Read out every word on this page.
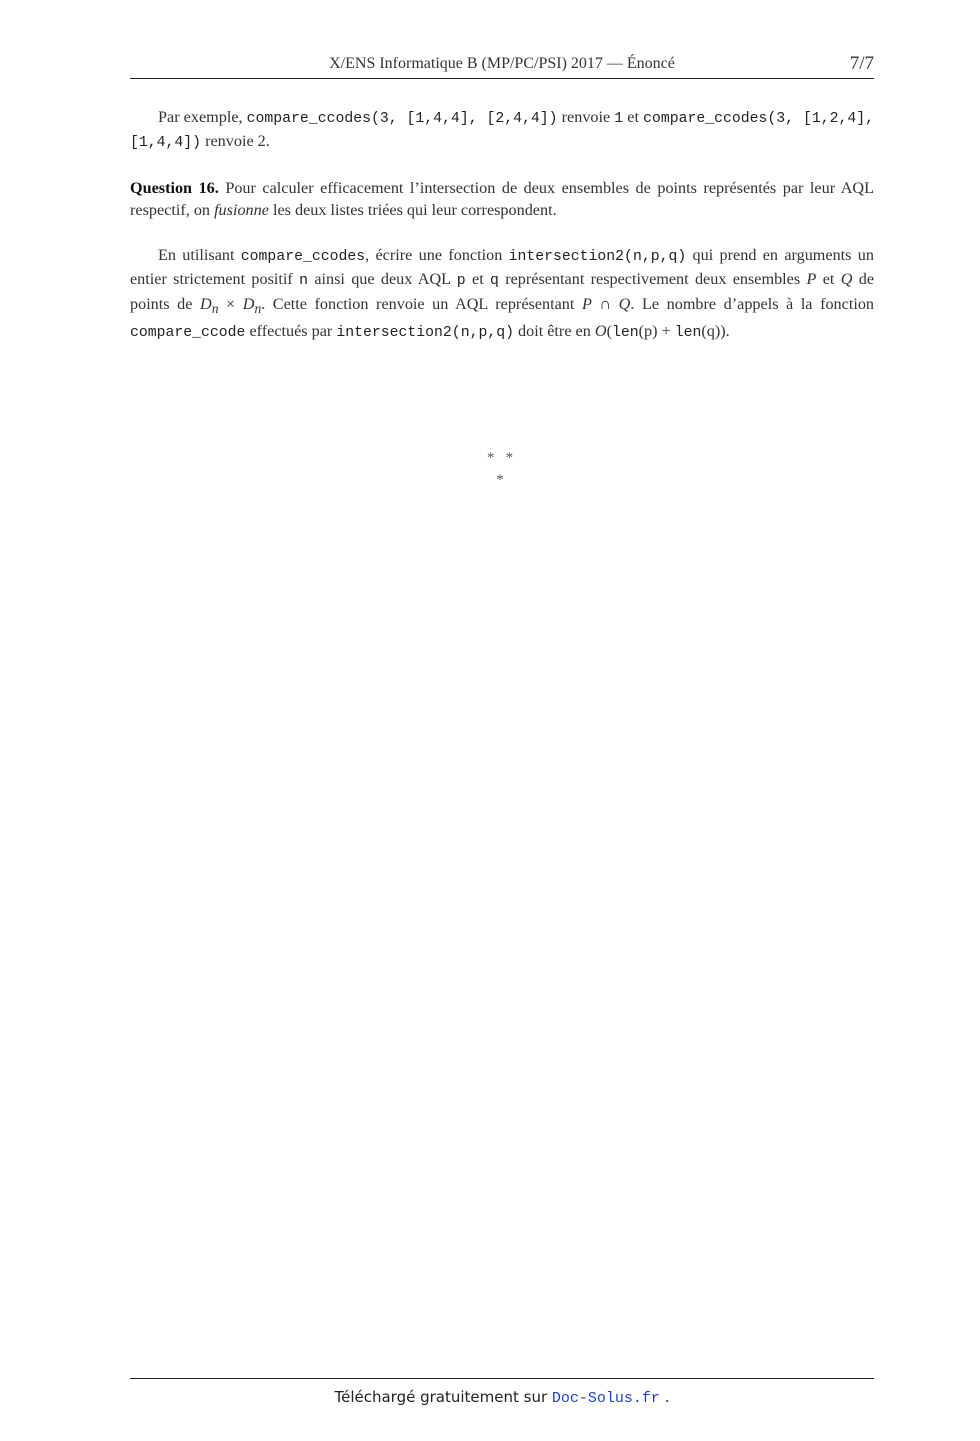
X/ENS Informatique B (MP/PC/PSI) 2017 — Énoncé	7/7

Par exemple, compare_ccodes(3, [1,4,4], [2,4,4]) renvoie 1 et compare_ccodes(3, [1,2,4], [1,4,4]) renvoie 2.

Question 16. Pour calculer efficacement l’intersection de deux ensembles de points représentés par leur AQL respectif, on fusionne les deux listes triées qui leur correspondent.

En utilisant compare_ccodes, écrire une fonction intersection2(n,p,q) qui prend en arguments un entier strictement positif n ainsi que deux AQL p et q représentant respectivement deux ensembles P et Q de points de $D_n \times D_n$. Cette fonction renvoie un AQL représentant P ∩ Q. Le nombre d’appels à la fonction compare_ccode effectués par intersection2(n,p,q) doit être en O(len(p) + len(q)).

*   *
*
Téléchargé gratuitement sur Doc-Solus.fr .
